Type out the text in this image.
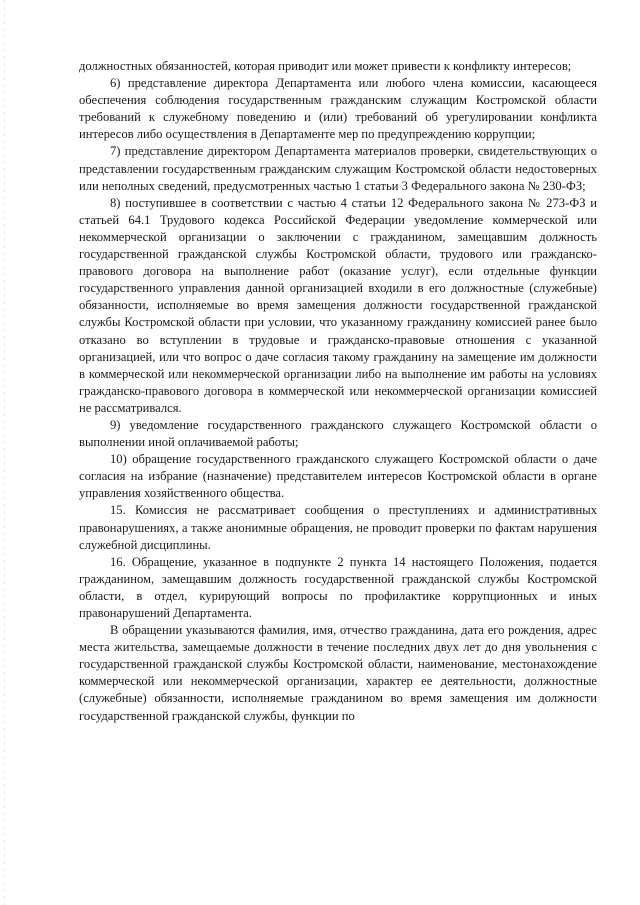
должностных обязанностей, которая приводит или может привести к конфликту интересов;

6) представление директора Департамента или любого члена комиссии, касающееся обеспечения соблюдения государственным гражданским служащим Костромской области требований к служебному поведению и (или) требований об урегулировании конфликта интересов либо осуществления в Департаменте мер по предупреждению коррупции;

7) представление директором Департамента материалов проверки, свидетельствующих о представлении государственным гражданским служащим Костромской области недостоверных или неполных сведений, предусмотренных частью 1 статьи 3 Федерального закона № 230-ФЗ;

8) поступившее в соответствии с частью 4 статьи 12 Федерального закона № 273-ФЗ и статьей 64.1 Трудового кодекса Российской Федерации уведомление коммерческой или некоммерческой организации о заключении с гражданином, замещавшим должность государственной гражданской службы Костромской области, трудового или гражданско-правового договора на выполнение работ (оказание услуг), если отдельные функции государственного управления данной организацией входили в его должностные (служебные) обязанности, исполняемые во время замещения должности государственной гражданской службы Костромской области при условии, что указанному гражданину комиссией ранее было отказано во вступлении в трудовые и гражданско-правовые отношения с указанной организацией, или что вопрос о даче согласия такому гражданину на замещение им должности в коммерческой или некоммерческой организации либо на выполнение им работы на условиях гражданско-правового договора в коммерческой или некоммерческой организации комиссией не рассматривался.

9) уведомление государственного гражданского служащего Костромской области о выполнении иной оплачиваемой работы;

10) обращение государственного гражданского служащего Костромской области о даче согласия на избрание (назначение) представителем интересов Костромской области в органе управления хозяйственного общества.

15. Комиссия не рассматривает сообщения о преступлениях и административных правонарушениях, а также анонимные обращения, не проводит проверки по фактам нарушения служебной дисциплины.

16. Обращение, указанное в подпункте 2 пункта 14 настоящего Положения, подается гражданином, замещавшим должность государственной гражданской службы Костромской области, в отдел, курирующий вопросы по профилактике коррупционных и иных правонарушений Департамента.

В обращении указываются фамилия, имя, отчество гражданина, дата его рождения, адрес места жительства, замещаемые должности в течение последних двух лет до дня увольнения с государственной гражданской службы Костромской области, наименование, местонахождение коммерческой или некоммерческой организации, характер ее деятельности, должностные (служебные) обязанности, исполняемые гражданином во время замещения им должности государственной гражданской службы, функции по
